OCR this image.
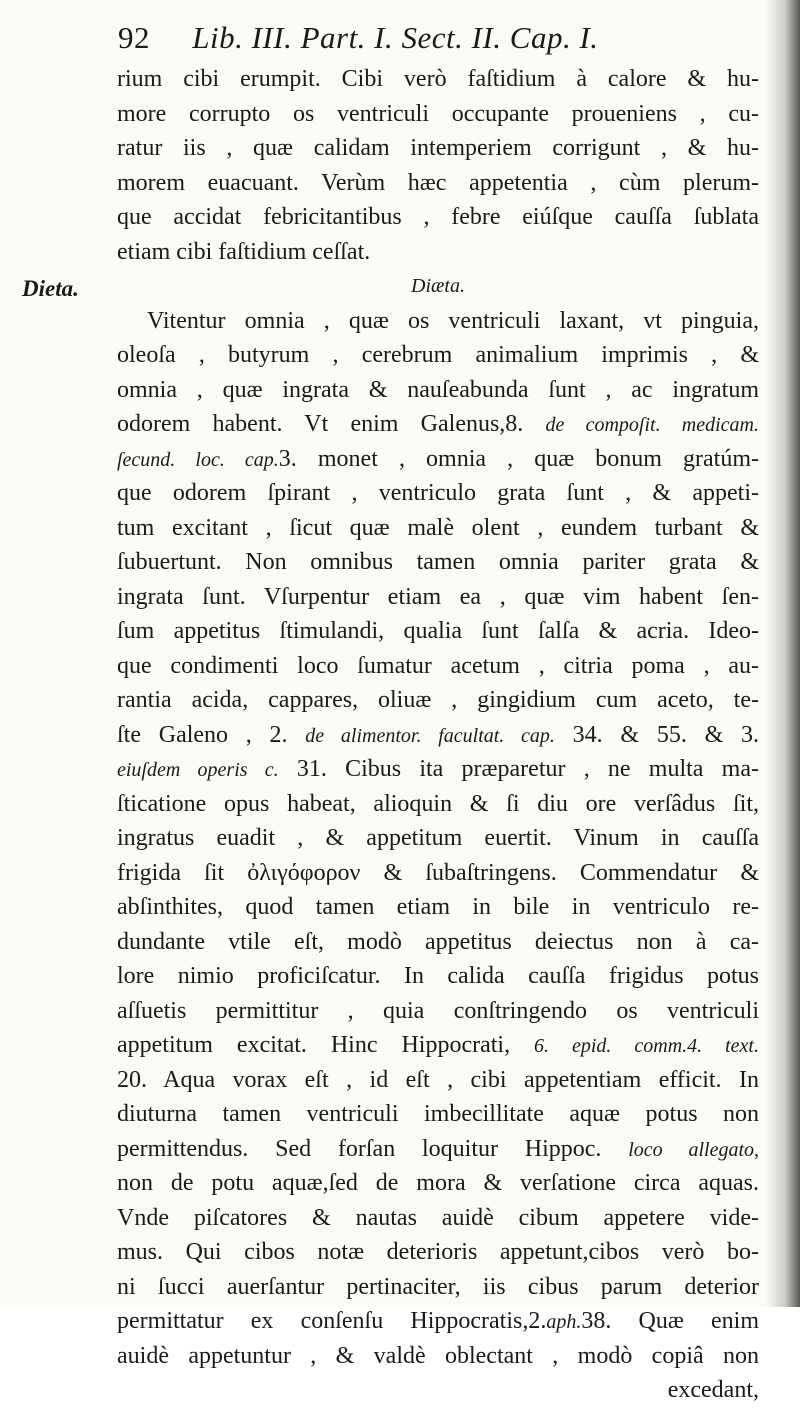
92 Lib. III. Part. I. Sect. II. Cap. I.
Dieta.
rium cibi erumpit. Cibi verò faſtidium à calore & hu-
more corrupto os ventriculi occupante proueniens , cu-
ratur iis , quæ calidam intemperiem corrigunt , & hu-
morem euacuant. Verùm hæc appetentia , cùm plerum-
que accidat febricitantibus , febre eiúſque cauſſa ſublata
etiam cibi faſtidium ceſſat.
Diæta.
Vitentur omnia , quæ os ventriculi laxant, vt pinguia,
oleoſa , butyrum , cerebrum animalium imprimis , &
omnia , quæ ingrata & nauſeabunda ſunt , ac ingratum
odorem habent. Vt enim Galenus,8. de compoſit. medicam.
ſecund. loc. cap.3. monet , omnia , quæ bonum gratúm-
que odorem ſpirant , ventriculo grata ſunt , & appeti-
tum excitant , ſicut quæ malè olent , eundem turbant &
ſubuertunt. Non omnibus tamen omnia pariter grata &
ingrata ſunt. Vſurpentur etiam ea , quæ vim habent ſen-
ſum appetitus ſtimulandi, qualia ſunt ſalſa & acria. Ideo-
que condimenti loco ſumatur acetum , citria poma , au-
rantia acida, cappares, oliuæ , gingidium cum aceto, te-
ſte Galeno , 2. de alimentor. facultat. cap. 34. & 55. & 3.
eiuſdem operis c. 31. Cibus ita præparetur , ne multa ma-
ſticatione opus habeat, alioquin & ſi diu ore verſâdus ſit,
ingratus euadit , & appetitum euertit. Vinum in cauſſa
frigida ſit ὀλιγόφορον & ſubaſtringens. Commendatur &
abſinthites, quod tamen etiam in bile in ventriculo re-
dundante vtile eſt, modò appetitus deiectus non à ca-
lore nimio proficiſcatur. In calida cauſſa frigidus potus
aſſuetis permittitur , quia conſtringendo os ventriculi
appetitum excitat. Hinc Hippocrati, 6. epid. comm.4. text.
20. Aqua vorax eſt , id eſt , cibi appetentiam efficit. In
diuturna tamen ventriculi imbecillitate aquæ potus non
permittendus. Sed forſan loquitur Hippoc. loco allegato,
non de potu aquæ,ſed de mora & verſatione circa aquas.
Vnde piſcatores & nautas auidè cibum appetere vide-
mus. Qui cibos notæ deterioris appetunt,cibos verò bo-
ni ſucci auerſantur pertinaciter, iis cibus parum deterior
permittatur ex conſenſu Hippocratis,2.aph.38. Quæ enim
auidè appetuntur , & valdè oblectant , modò copiâ non
excedant,
